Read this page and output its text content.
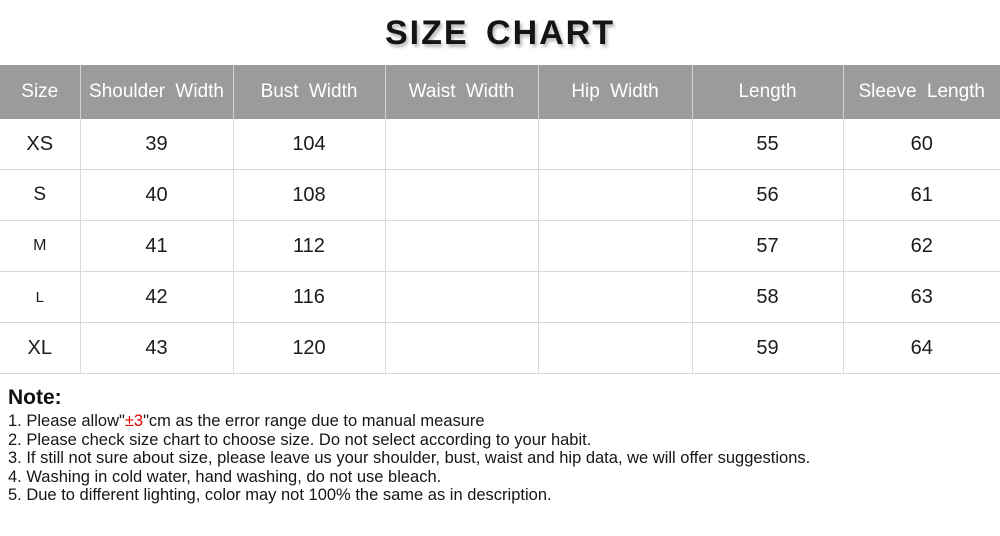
SIZE CHART
Size	Shoulder Width	Bust Width	Waist Width	Hip Width	Length	Sleeve Length
XS	39	104			55	60
S	40	108			56	61
M	41	112			57	62
L	42	116			58	63
XL	43	120			59	64
Note:
1. Please allow"±3"cm as the error range due to manual measure
2. Please check size chart to choose size. Do not select according to your habit.
3. If still not sure about size, please leave us your shoulder, bust, waist and hip data, we will offer suggestions.
4. Washing in cold water, hand washing, do not use bleach.
5. Due to different lighting, color may not 100% the same as in description.
